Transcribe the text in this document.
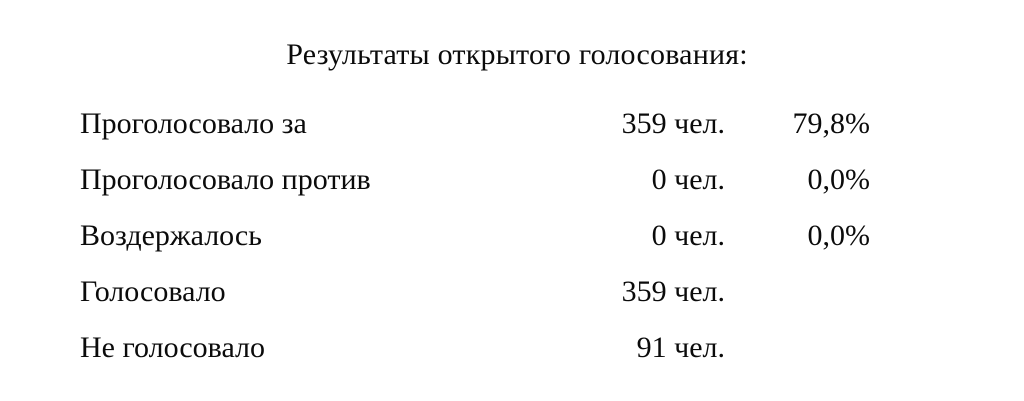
Результаты открытого голосования:
Проголосовало за	359 чел.	79,8%
Проголосовало против	0 чел.	0,0%
Воздержалось	0 чел.	0,0%
Голосовало	359 чел.	
Не голосовало	91 чел.	
